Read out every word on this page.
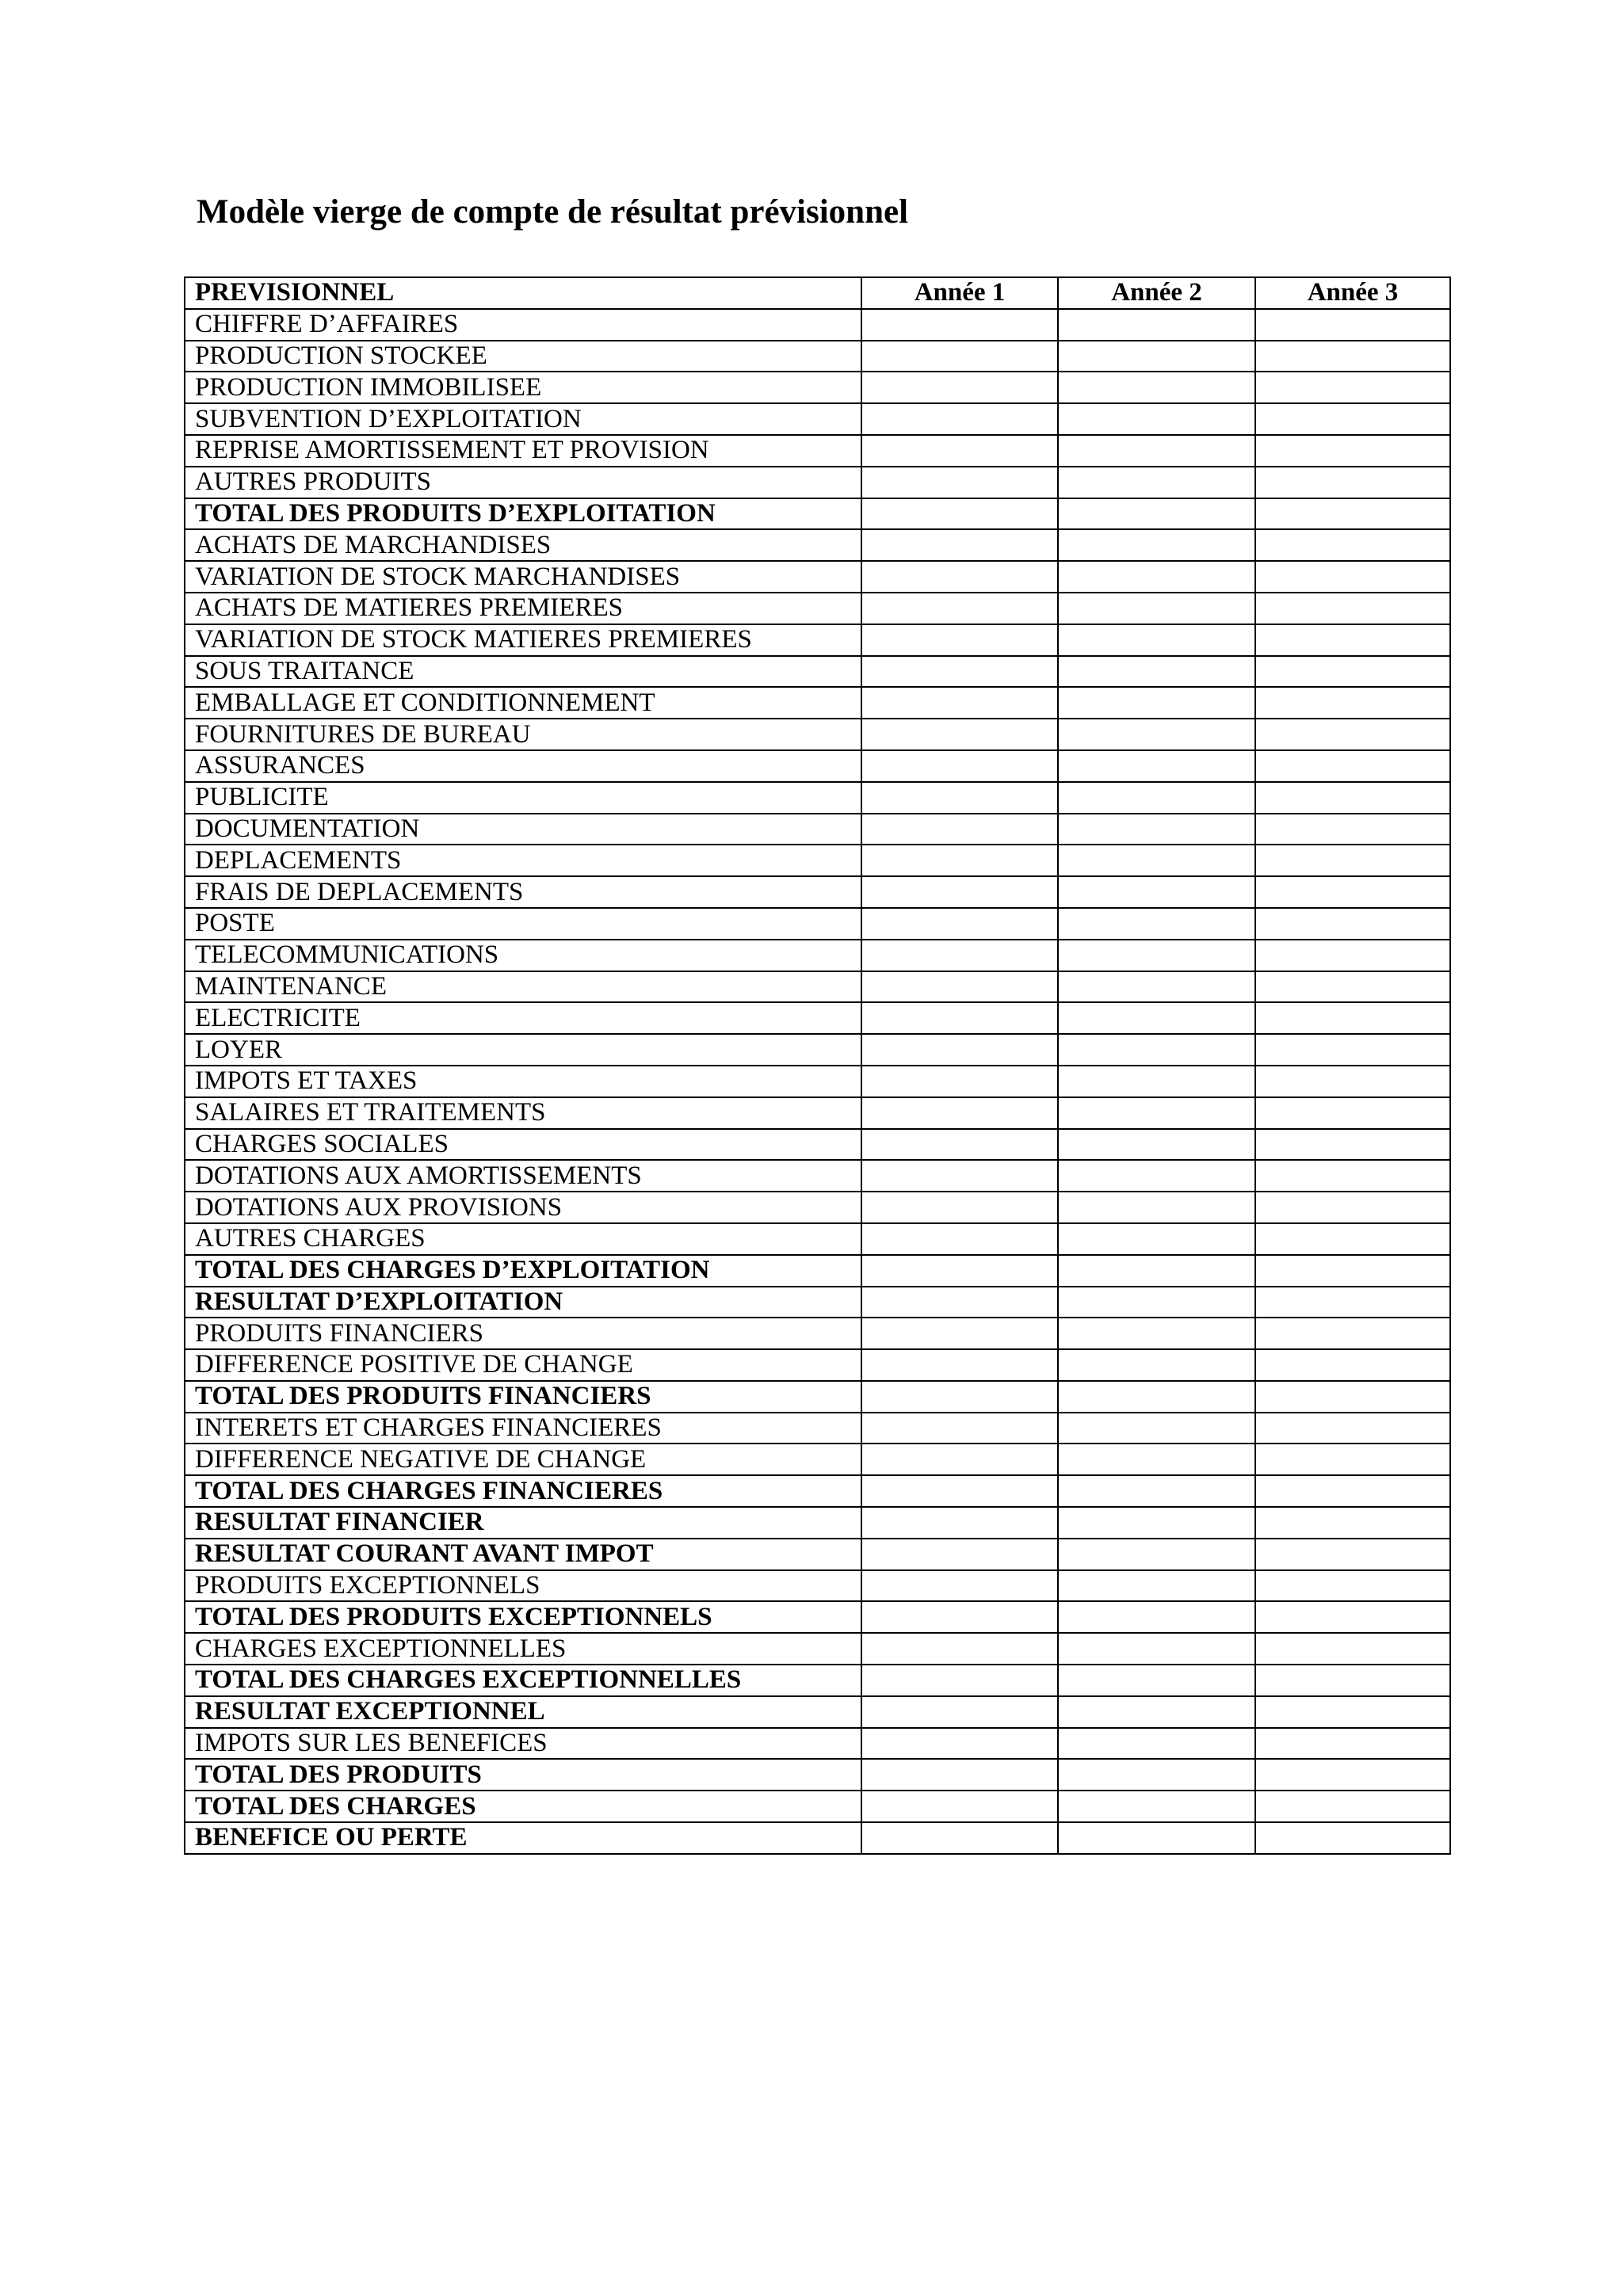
Modèle vierge de compte de résultat prévisionnel
PREVISIONNEL	Année 1	Année 2	Année 3
CHIFFRE D’AFFAIRES			
PRODUCTION STOCKEE			
PRODUCTION IMMOBILISEE			
SUBVENTION D’EXPLOITATION			
REPRISE AMORTISSEMENT ET PROVISION			
AUTRES PRODUITS			
TOTAL DES PRODUITS D’EXPLOITATION			
ACHATS DE MARCHANDISES			
VARIATION DE STOCK MARCHANDISES			
ACHATS DE MATIERES PREMIERES			
VARIATION DE STOCK MATIERES PREMIERES			
SOUS TRAITANCE			
EMBALLAGE ET CONDITIONNEMENT			
FOURNITURES DE BUREAU			
ASSURANCES			
PUBLICITE			
DOCUMENTATION			
DEPLACEMENTS			
FRAIS DE DEPLACEMENTS			
POSTE			
TELECOMMUNICATIONS			
MAINTENANCE			
ELECTRICITE			
LOYER			
IMPOTS ET TAXES			
SALAIRES ET TRAITEMENTS			
CHARGES SOCIALES			
DOTATIONS AUX AMORTISSEMENTS			
DOTATIONS AUX PROVISIONS			
AUTRES CHARGES			
TOTAL DES CHARGES D’EXPLOITATION			
RESULTAT D’EXPLOITATION			
PRODUITS FINANCIERS			
DIFFERENCE POSITIVE DE CHANGE			
TOTAL DES PRODUITS FINANCIERS			
INTERETS ET CHARGES FINANCIERES			
DIFFERENCE NEGATIVE DE CHANGE			
TOTAL DES CHARGES FINANCIERES			
RESULTAT FINANCIER			
RESULTAT COURANT AVANT IMPOT			
PRODUITS EXCEPTIONNELS			
TOTAL DES PRODUITS EXCEPTIONNELS			
CHARGES EXCEPTIONNELLES			
TOTAL DES CHARGES EXCEPTIONNELLES			
RESULTAT EXCEPTIONNEL			
IMPOTS SUR LES BENEFICES			
TOTAL DES PRODUITS			
TOTAL DES CHARGES			
BENEFICE OU PERTE			
